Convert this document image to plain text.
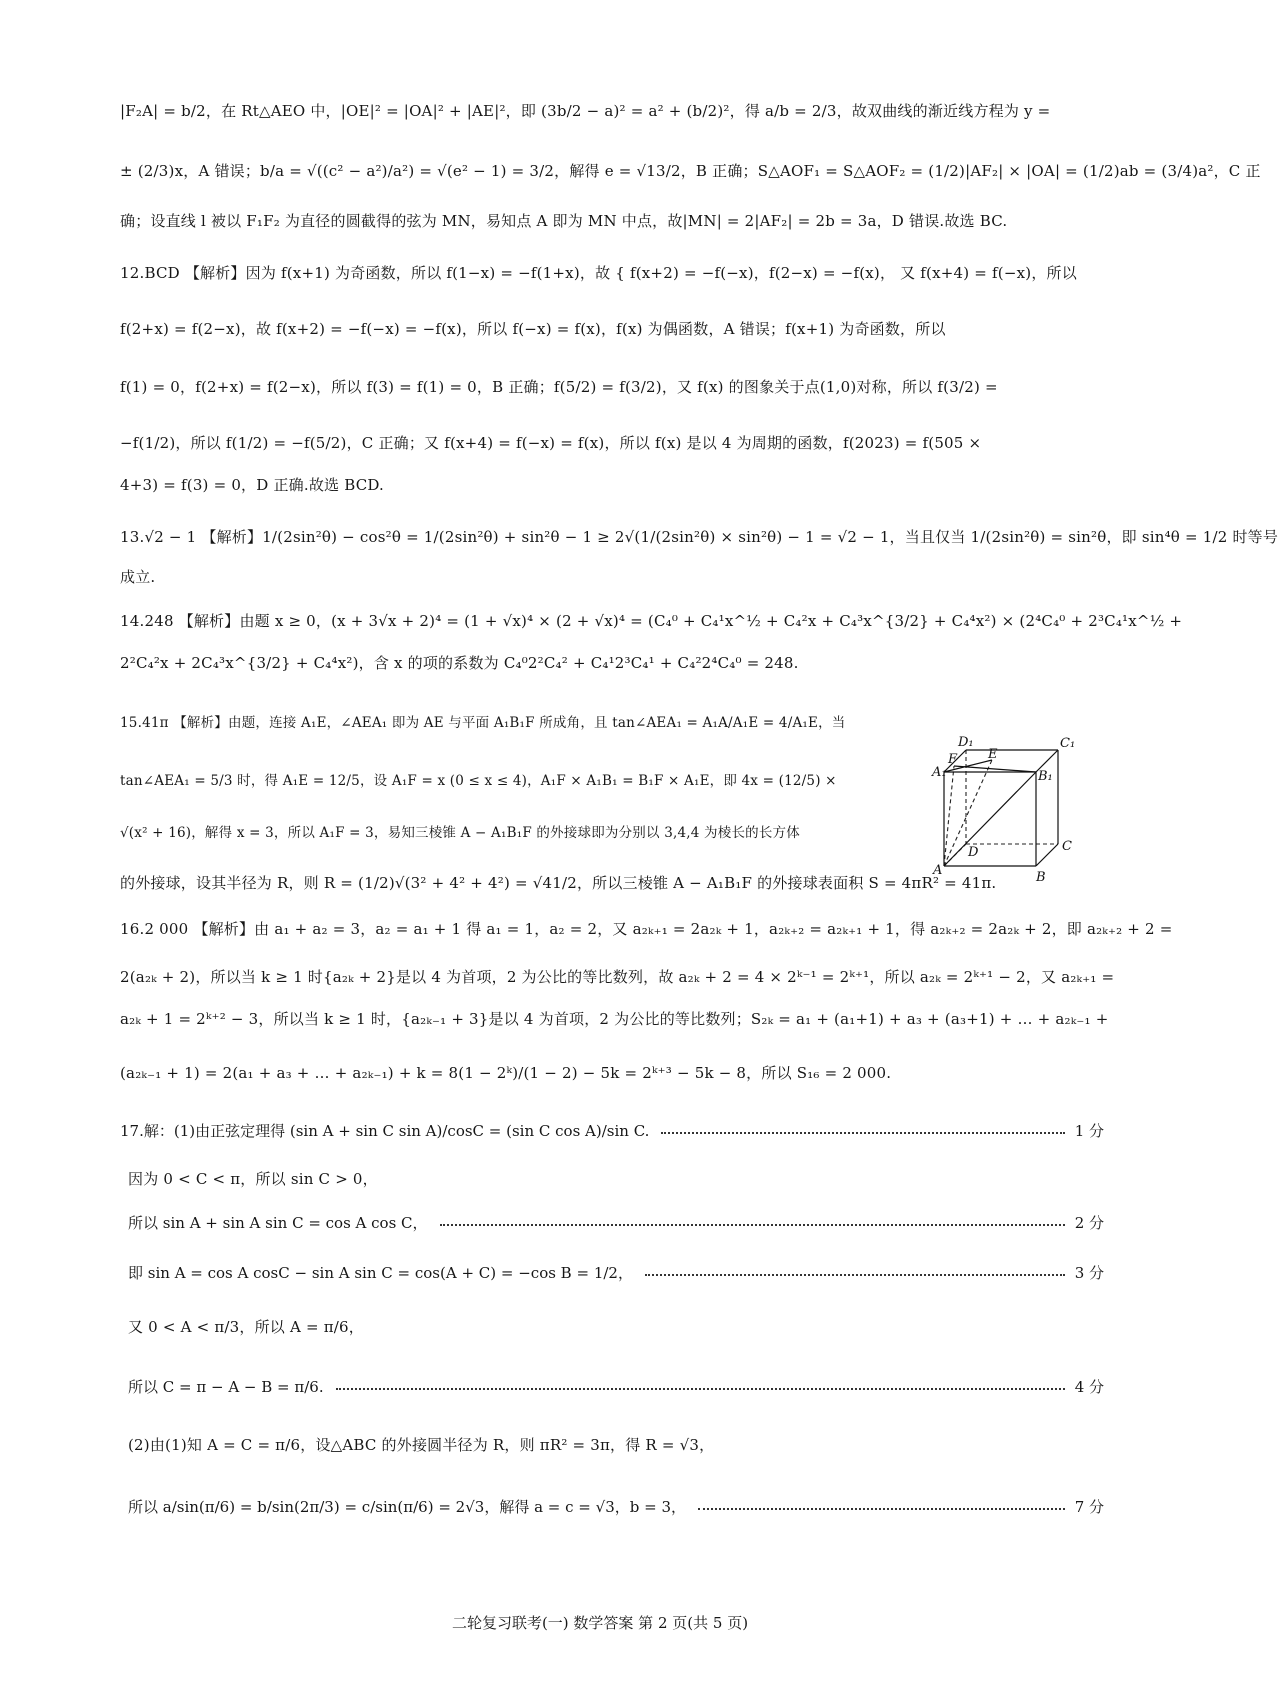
|F₂A| = b/2，在 Rt△AEO 中，|OE|² = |OA|² + |AE|²，即 (3b/2 − a)² = a² + (b/2)²，得 a/b = 2/3，故双曲线的渐近线方程为 y =
± (2/3)x，A 错误；b/a = √((c² − a²)/a²) = √(e² − 1) = 3/2，解得 e = √13/2，B 正确；S△AOF₁ = S△AOF₂ = (1/2)|AF₂| × |OA| = (1/2)ab = (3/4)a²，C 正
确；设直线 l 被以 F₁F₂ 为直径的圆截得的弦为 MN，易知点 A 即为 MN 中点，故|MN| = 2|AF₂| = 2b = 3a，D 错误.故选 BC.
12.BCD 【解析】因为 f(x+1) 为奇函数，所以 f(1−x) = −f(1+x)，故 { f(x+2) = −f(−x)，f(2−x) = −f(x)， 又 f(x+4) = f(−x)，所以
f(2+x) = f(2−x)，故 f(x+2) = −f(−x) = −f(x)，所以 f(−x) = f(x)，f(x) 为偶函数，A 错误；f(x+1) 为奇函数，所以
f(1) = 0，f(2+x) = f(2−x)，所以 f(3) = f(1) = 0，B 正确；f(5/2) = f(3/2)，又 f(x) 的图象关于点(1,0)对称，所以 f(3/2) =
−f(1/2)，所以 f(1/2) = −f(5/2)，C 正确；又 f(x+4) = f(−x) = f(x)，所以 f(x) 是以 4 为周期的函数，f(2023) = f(505 ×
4+3) = f(3) = 0，D 正确.故选 BCD.
13.√2 − 1 【解析】1/(2sin²θ) − cos²θ = 1/(2sin²θ) + sin²θ − 1 ≥ 2√(1/(2sin²θ) × sin²θ) − 1 = √2 − 1，当且仅当 1/(2sin²θ) = sin²θ，即 sin⁴θ = 1/2 时等号
成立.
14.248 【解析】由题 x ≥ 0，(x + 3√x + 2)⁴ = (1 + √x)⁴ × (2 + √x)⁴ = (C₄⁰ + C₄¹x^½ + C₄²x + C₄³x^{3/2} + C₄⁴x²) × (2⁴C₄⁰ + 2³C₄¹x^½ +
2²C₄²x + 2C₄³x^{3/2} + C₄⁴x²)，含 x 的项的系数为 C₄⁰2²C₄² + C₄¹2³C₄¹ + C₄²2⁴C₄⁰ = 248.
15.41π 【解析】由题，连接 A₁E，∠AEA₁ 即为 AE 与平面 A₁B₁F 所成角，且 tan∠AEA₁ = A₁A/A₁E = 4/A₁E，当
tan∠AEA₁ = 5/3 时，得 A₁E = 12/5，设 A₁F = x (0 ≤ x ≤ 4)，A₁F × A₁B₁ = B₁F × A₁E，即 4x = (12/5) ×
√(x² + 16)，解得 x = 3，所以 A₁F = 3，易知三棱锥 A − A₁B₁F 的外接球即为分别以 3,4,4 为棱长的长方体
的外接球，设其半径为 R，则 R = (1/2)√(3² + 4² + 4²) = √41/2，所以三棱锥 A − A₁B₁F 的外接球表面积 S = 4πR² = 41π.
16.2 000 【解析】由 a₁ + a₂ = 3，a₂ = a₁ + 1 得 a₁ = 1，a₂ = 2，又 a₂ₖ₊₁ = 2a₂ₖ + 1，a₂ₖ₊₂ = a₂ₖ₊₁ + 1，得 a₂ₖ₊₂ = 2a₂ₖ + 2，即 a₂ₖ₊₂ + 2 =
2(a₂ₖ + 2)，所以当 k ≥ 1 时{a₂ₖ + 2}是以 4 为首项，2 为公比的等比数列，故 a₂ₖ + 2 = 4 × 2ᵏ⁻¹ = 2ᵏ⁺¹，所以 a₂ₖ = 2ᵏ⁺¹ − 2，又 a₂ₖ₊₁ =
a₂ₖ + 1 = 2ᵏ⁺² − 3，所以当 k ≥ 1 时，{a₂ₖ₋₁ + 3}是以 4 为首项，2 为公比的等比数列；S₂ₖ = a₁ + (a₁+1) + a₃ + (a₃+1) + … + a₂ₖ₋₁ +
(a₂ₖ₋₁ + 1) = 2(a₁ + a₃ + … + a₂ₖ₋₁) + k = 8(1 − 2ᵏ)/(1 − 2) − 5k = 2ᵏ⁺³ − 5k − 8，所以 S₁₆ = 2 000.
17.解：(1)由正弦定理得 (sin A + sin C sin A)/cosC = (sin C cos A)/sin C.	1 分
因为 0 < C < π，所以 sin C > 0，
所以 sin A + sin A sin C = cos A cos C，	2 分
即 sin A = cos A cosC − sin A sin C = cos(A + C) = −cos B = 1/2，	3 分
又 0 < A < π/3，所以 A = π/6，
所以 C = π − A − B = π/6.	4 分
(2)由(1)知 A = C = π/6，设△ABC 的外接圆半径为 R，则 πR² = 3π，得 R = √3，
所以 a/sin(π/6) = b/sin(2π/3) = c/sin(π/6) = 2√3，解得 a = c = √3，b = 3，	7 分
D₁	C₁
F E
A₁	B₁
D	C
A	B
二轮复习联考(一) 数学答案 第 2 页(共 5 页)
